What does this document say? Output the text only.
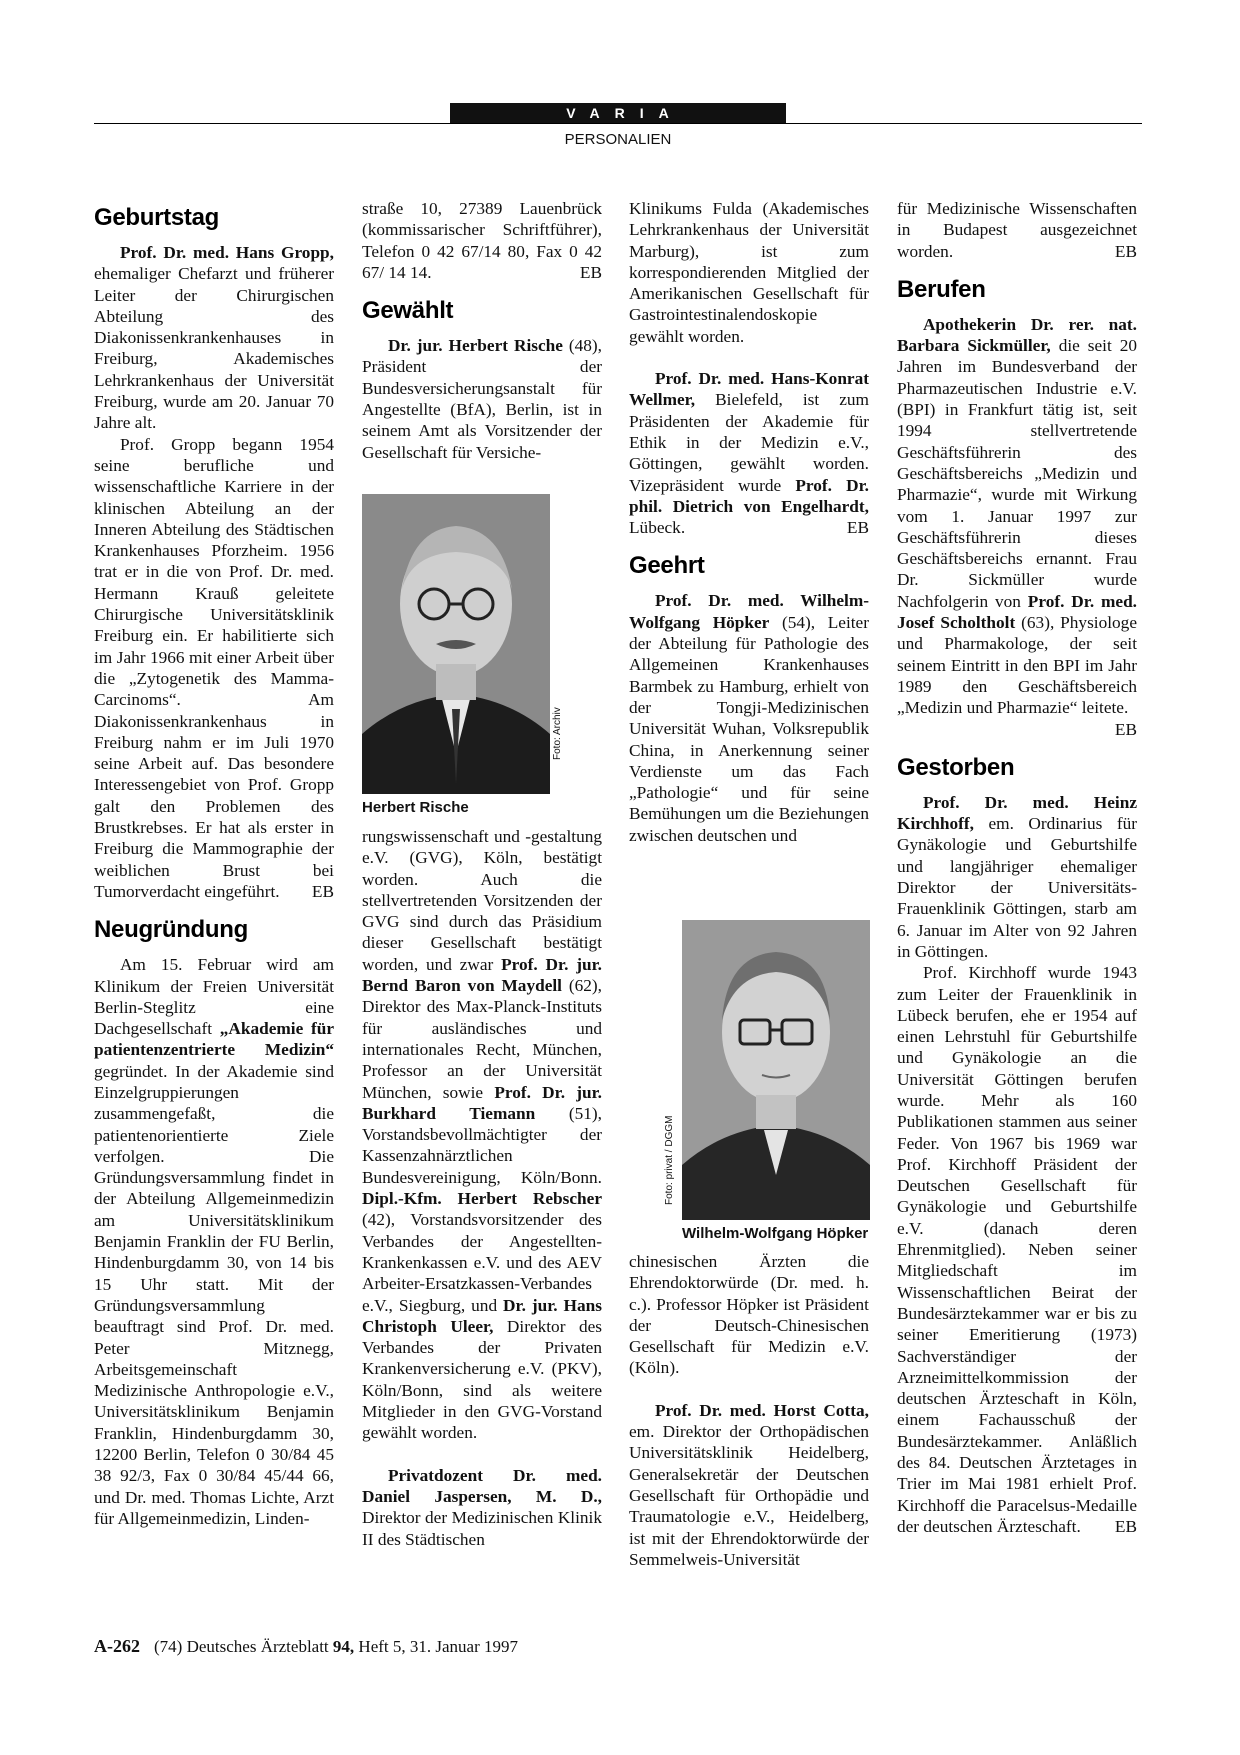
VARIA
PERSONALIEN
Geburtstag

Prof. Dr. med. Hans Gropp, ehemaliger Chefarzt und früherer Leiter der Chirurgischen Abteilung des Diakonissenkrankenhauses in Freiburg, Akademisches Lehrkrankenhaus der Universität Freiburg, wurde am 20. Januar 70 Jahre alt.

Prof. Gropp begann 1954 seine berufliche und wissenschaftliche Karriere in der klinischen Abteilung an der Inneren Abteilung des Städtischen Krankenhauses Pforzheim. 1956 trat er in die von Prof. Dr. med. Hermann Krauß geleitete Chirurgische Universitätsklinik Freiburg ein. Er habilitierte sich im Jahr 1966 mit einer Arbeit über die „Zytogenetik des Mamma-Carcinoms“. Am Diakonissenkrankenhaus in Freiburg nahm er im Juli 1970 seine Arbeit auf. Das besondere Interessengebiet von Prof. Gropp galt den Problemen des Brustkrebses. Er hat als erster in Freiburg die Mammographie der weiblichen Brust bei Tumorverdacht eingeführt.	EB

Neugründung

Am 15. Februar wird am Klinikum der Freien Universität Berlin-Steglitz eine Dachgesellschaft „Akademie für patientenzentrierte Medizin“ gegründet. In der Akademie sind Einzelgruppierungen zusammengefaßt, die patientenorientierte Ziele verfolgen. Die Gründungsversammlung findet in der Abteilung Allgemeinmedizin am Universitätsklinikum Benjamin Franklin der FU Berlin, Hindenburgdamm 30, von 14 bis 15 Uhr statt. Mit der Gründungsversammlung beauftragt sind Prof. Dr. med. Peter Mitznegg, Arbeitsgemeinschaft Medizinische Anthropologie e.V., Universitätsklinikum Benjamin Franklin, Hindenburgdamm 30, 12200 Berlin, Telefon 0 30/84 45 38 92/3, Fax 0 30/84 45/44 66, und Dr. med. Thomas Lichte, Arzt für Allgemeinmedizin, Linden-

straße 10, 27389 Lauenbrück (kommissarischer Schriftführer), Telefon 0 42 67/14 80, Fax 0 42 67/ 14 14.	EB

Gewählt

Dr. jur. Herbert Rische (48), Präsident der Bundesversicherungsanstalt für Angestellte (BfA), Berlin, ist in seinem Amt als Vorsitzender der Gesellschaft für Versiche-

rungswissenschaft und -gestaltung e.V. (GVG), Köln, bestätigt worden. Auch die stellvertretenden Vorsitzenden der GVG sind durch das Präsidium dieser Gesellschaft bestätigt worden, und zwar Prof. Dr. jur. Bernd Baron von Maydell (62), Direktor des Max-Planck-Instituts für ausländisches und internationales Recht, München, Professor an der Universität München, sowie Prof. Dr. jur. Burkhard Tiemann (51), Vorstandsbevollmächtigter der Kassenzahnärztlichen Bundesvereinigung, Köln/Bonn. Dipl.-Kfm. Herbert Rebscher (42), Vorstandsvorsitzender des Verbandes der Angestellten-Krankenkassen e.V. und des AEV Arbeiter-Ersatzkassen-Verbandes e.V., Siegburg, und Dr. jur. Hans Christoph Uleer, Direktor des Verbandes der Privaten Krankenversicherung e.V. (PKV), Köln/Bonn, sind als weitere Mitglieder in den GVG-Vorstand gewählt worden.

Privatdozent Dr. med. Daniel Jaspersen, M. D., Direktor der Medizinischen Klinik II des Städtischen

Foto: Archiv
Herbert Rische

Klinikums Fulda (Akademisches Lehrkrankenhaus der Universität Marburg), ist zum korrespondierenden Mitglied der Amerikanischen Gesellschaft für Gastrointestinalendoskopie gewählt worden.

Prof. Dr. med. Hans-Konrat Wellmer, Bielefeld, ist zum Präsidenten der Akademie für Ethik in der Medizin e.V., Göttingen, gewählt worden. Vizepräsident wurde Prof. Dr. phil. Dietrich von Engelhardt, Lübeck.	EB

Geehrt

Prof. Dr. med. Wilhelm-Wolfgang Höpker (54), Leiter der Abteilung für Pathologie des Allgemeinen Krankenhauses Barmbek zu Hamburg, erhielt von der Tongji-Medizinischen Universität Wuhan, Volksrepublik China, in Anerkennung seiner Verdienste um das Fach „Pathologie“ und für seine Bemühungen um die Beziehungen zwischen deutschen und

chinesischen Ärzten die Ehrendoktorwürde (Dr. med. h. c.). Professor Höpker ist Präsident der Deutsch-Chinesischen Gesellschaft für Medizin e.V. (Köln).

Prof. Dr. med. Horst Cotta, em. Direktor der Orthopädischen Universitätsklinik Heidelberg, Generalsekretär der Deutschen Gesellschaft für Orthopädie und Traumatologie e.V., Heidelberg, ist mit der Ehrendoktorwürde der Semmelweis-Universität

Foto: privat / DGGM
Wilhelm-Wolfgang Höpker

für Medizinische Wissenschaften in Budapest ausgezeichnet worden.	EB

Berufen

Apothekerin Dr. rer. nat. Barbara Sickmüller, die seit 20 Jahren im Bundesverband der Pharmazeutischen Industrie e.V. (BPI) in Frankfurt tätig ist, seit 1994 stellvertretende Geschäftsführerin des Geschäftsbereichs „Medizin und Pharmazie“, wurde mit Wirkung vom 1. Januar 1997 zur Geschäftsführerin dieses Geschäftsbereichs ernannt. Frau Dr. Sickmüller wurde Nachfolgerin von Prof. Dr. med. Josef Scholtholt (63), Physiologe und Pharmakologe, der seit seinem Eintritt in den BPI im Jahr 1989 den Geschäftsbereich „Medizin und Pharmazie“ leitete.
EB

Gestorben

Prof. Dr. med. Heinz Kirchhoff, em. Ordinarius für Gynäkologie und Geburtshilfe und langjähriger ehemaliger Direktor der Universitäts-Frauenklinik Göttingen, starb am 6. Januar im Alter von 92 Jahren in Göttingen.

Prof. Kirchhoff wurde 1943 zum Leiter der Frauenklinik in Lübeck berufen, ehe er 1954 auf einen Lehrstuhl für Geburtshilfe und Gynäkologie an die Universität Göttingen berufen wurde. Mehr als 160 Publikationen stammen aus seiner Feder. Von 1967 bis 1969 war Prof. Kirchhoff Präsident der Deutschen Gesellschaft für Gynäkologie und Geburtshilfe e.V. (danach deren Ehrenmitglied). Neben seiner Mitgliedschaft im Wissenschaftlichen Beirat der Bundesärztekammer war er bis zu seiner Emeritierung (1973) Sachverständiger der Arzneimittelkommission der deutschen Ärzteschaft in Köln, einem Fachausschuß der Bundesärztekammer. Anläßlich des 84. Deutschen Ärztetages in Trier im Mai 1981 erhielt Prof. Kirchhoff die Paracelsus-Medaille der deutschen Ärzteschaft.	EB

A-262 (74) Deutsches Ärzteblatt 94, Heft 5, 31. Januar 1997
